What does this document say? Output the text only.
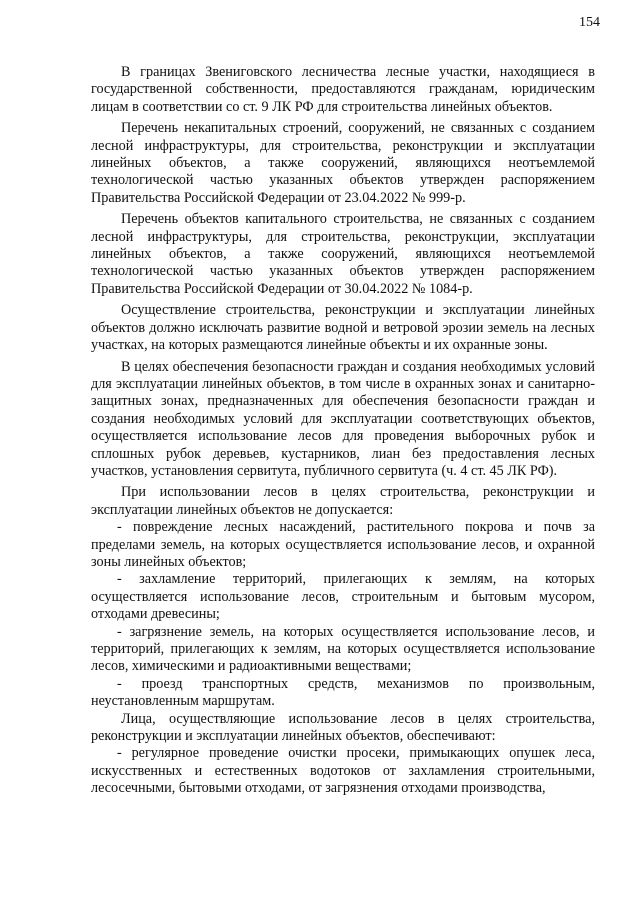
154

В границах Звенигoвского лесничества лесные участки, находящиеся в государственной собственности, предоставляются гражданам, юридическим лицам в соответствии со ст. 9 ЛК РФ для строительства линейных объектов.

Перечень некапитальных строений, сооружений, не связанных с созданием лесной инфраструктуры, для строительства, реконструкции и эксплуатации линейных объектов, а также сооружений, являющихся неотъемлемой технологической частью указанных объектов утвержден распоряжением Правительства Российской Федерации от 23.04.2022 № 999-р.

Перечень объектов капитального строительства, не связанных с созданием лесной инфраструктуры, для строительства, реконструкции, эксплуатации линейных объектов, а также сооружений, являющихся неотъемлемой технологической частью указанных объектов утвержден распоряжением Правительства Российской Федерации от 30.04.2022 № 1084-р.

Осуществление строительства, реконструкции и эксплуатации линейных объектов должно исключать развитие водной и ветровой эрозии земель на лесных участках, на которых размещаются линейные объекты и их охранные зоны.

В целях обеспечения безопасности граждан и создания необходимых условий для эксплуатации линейных объектов, в том числе в охранных зонах и санитарно-защитных зонах, предназначенных для обеспечения безопасности граждан и создания необходимых условий для эксплуатации соответствующих объектов, осуществляется использование лесов для проведения выборочных рубок и сплошных рубок деревьев, кустарников, лиан без предоставления лесных участков, установления сервитута, публичного сервитута (ч. 4 ст. 45 ЛК РФ).

При использовании лесов в целях строительства, реконструкции и эксплуатации линейных объектов не допускается:

- повреждение лесных насаждений, растительного покрова и почв за пределами земель, на которых осуществляется использование лесов, и охранной зоны линейных объектов;

- захламление территорий, прилегающих к землям, на которых осуществляется использование лесов, строительным и бытовым мусором, отходами древесины;

- загрязнение земель, на которых осуществляется использование лесов, и территорий, прилегающих к землям, на которых осуществляется использование лесов, химическими и радиоактивными веществами;

- проезд транспортных средств, механизмов по произвольным, неустановленным маршрутам.

Лица, осуществляющие использование лесов в целях строительства, реконструкции и эксплуатации линейных объектов, обеспечивают:

- регулярное проведение очистки просеки, примыкающих опушек леса, искусственных и естественных водотоков от захламления строительными, лесосечными, бытовыми отходами, от загрязнения отходами производства,
